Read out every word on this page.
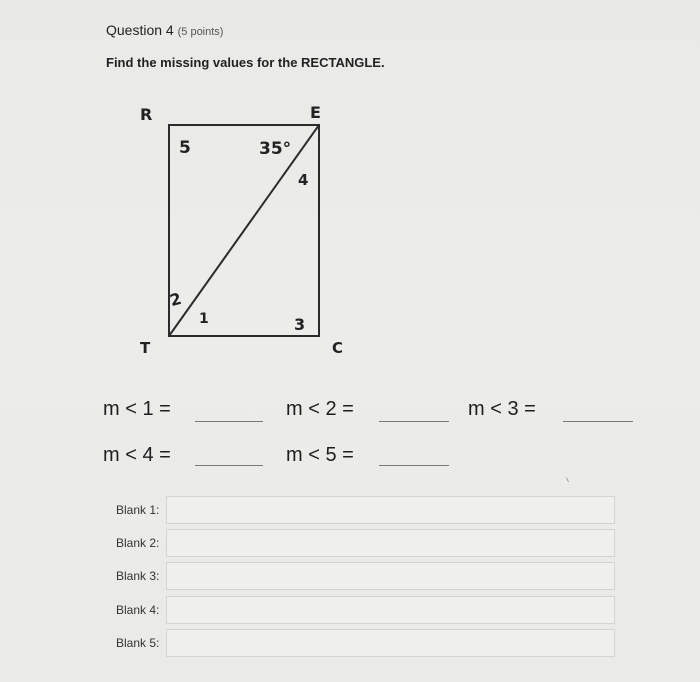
Question 4 (5 points)
Find the missing values for the RECTANGLE.
R	E
T	C
5	35°
4
2
1	3
m < 1 =	m < 2 =	m < 3 =
m < 4 =	m < 5 =
⸜
Blank 1:
Blank 2:
Blank 3:
Blank 4:
Blank 5:
